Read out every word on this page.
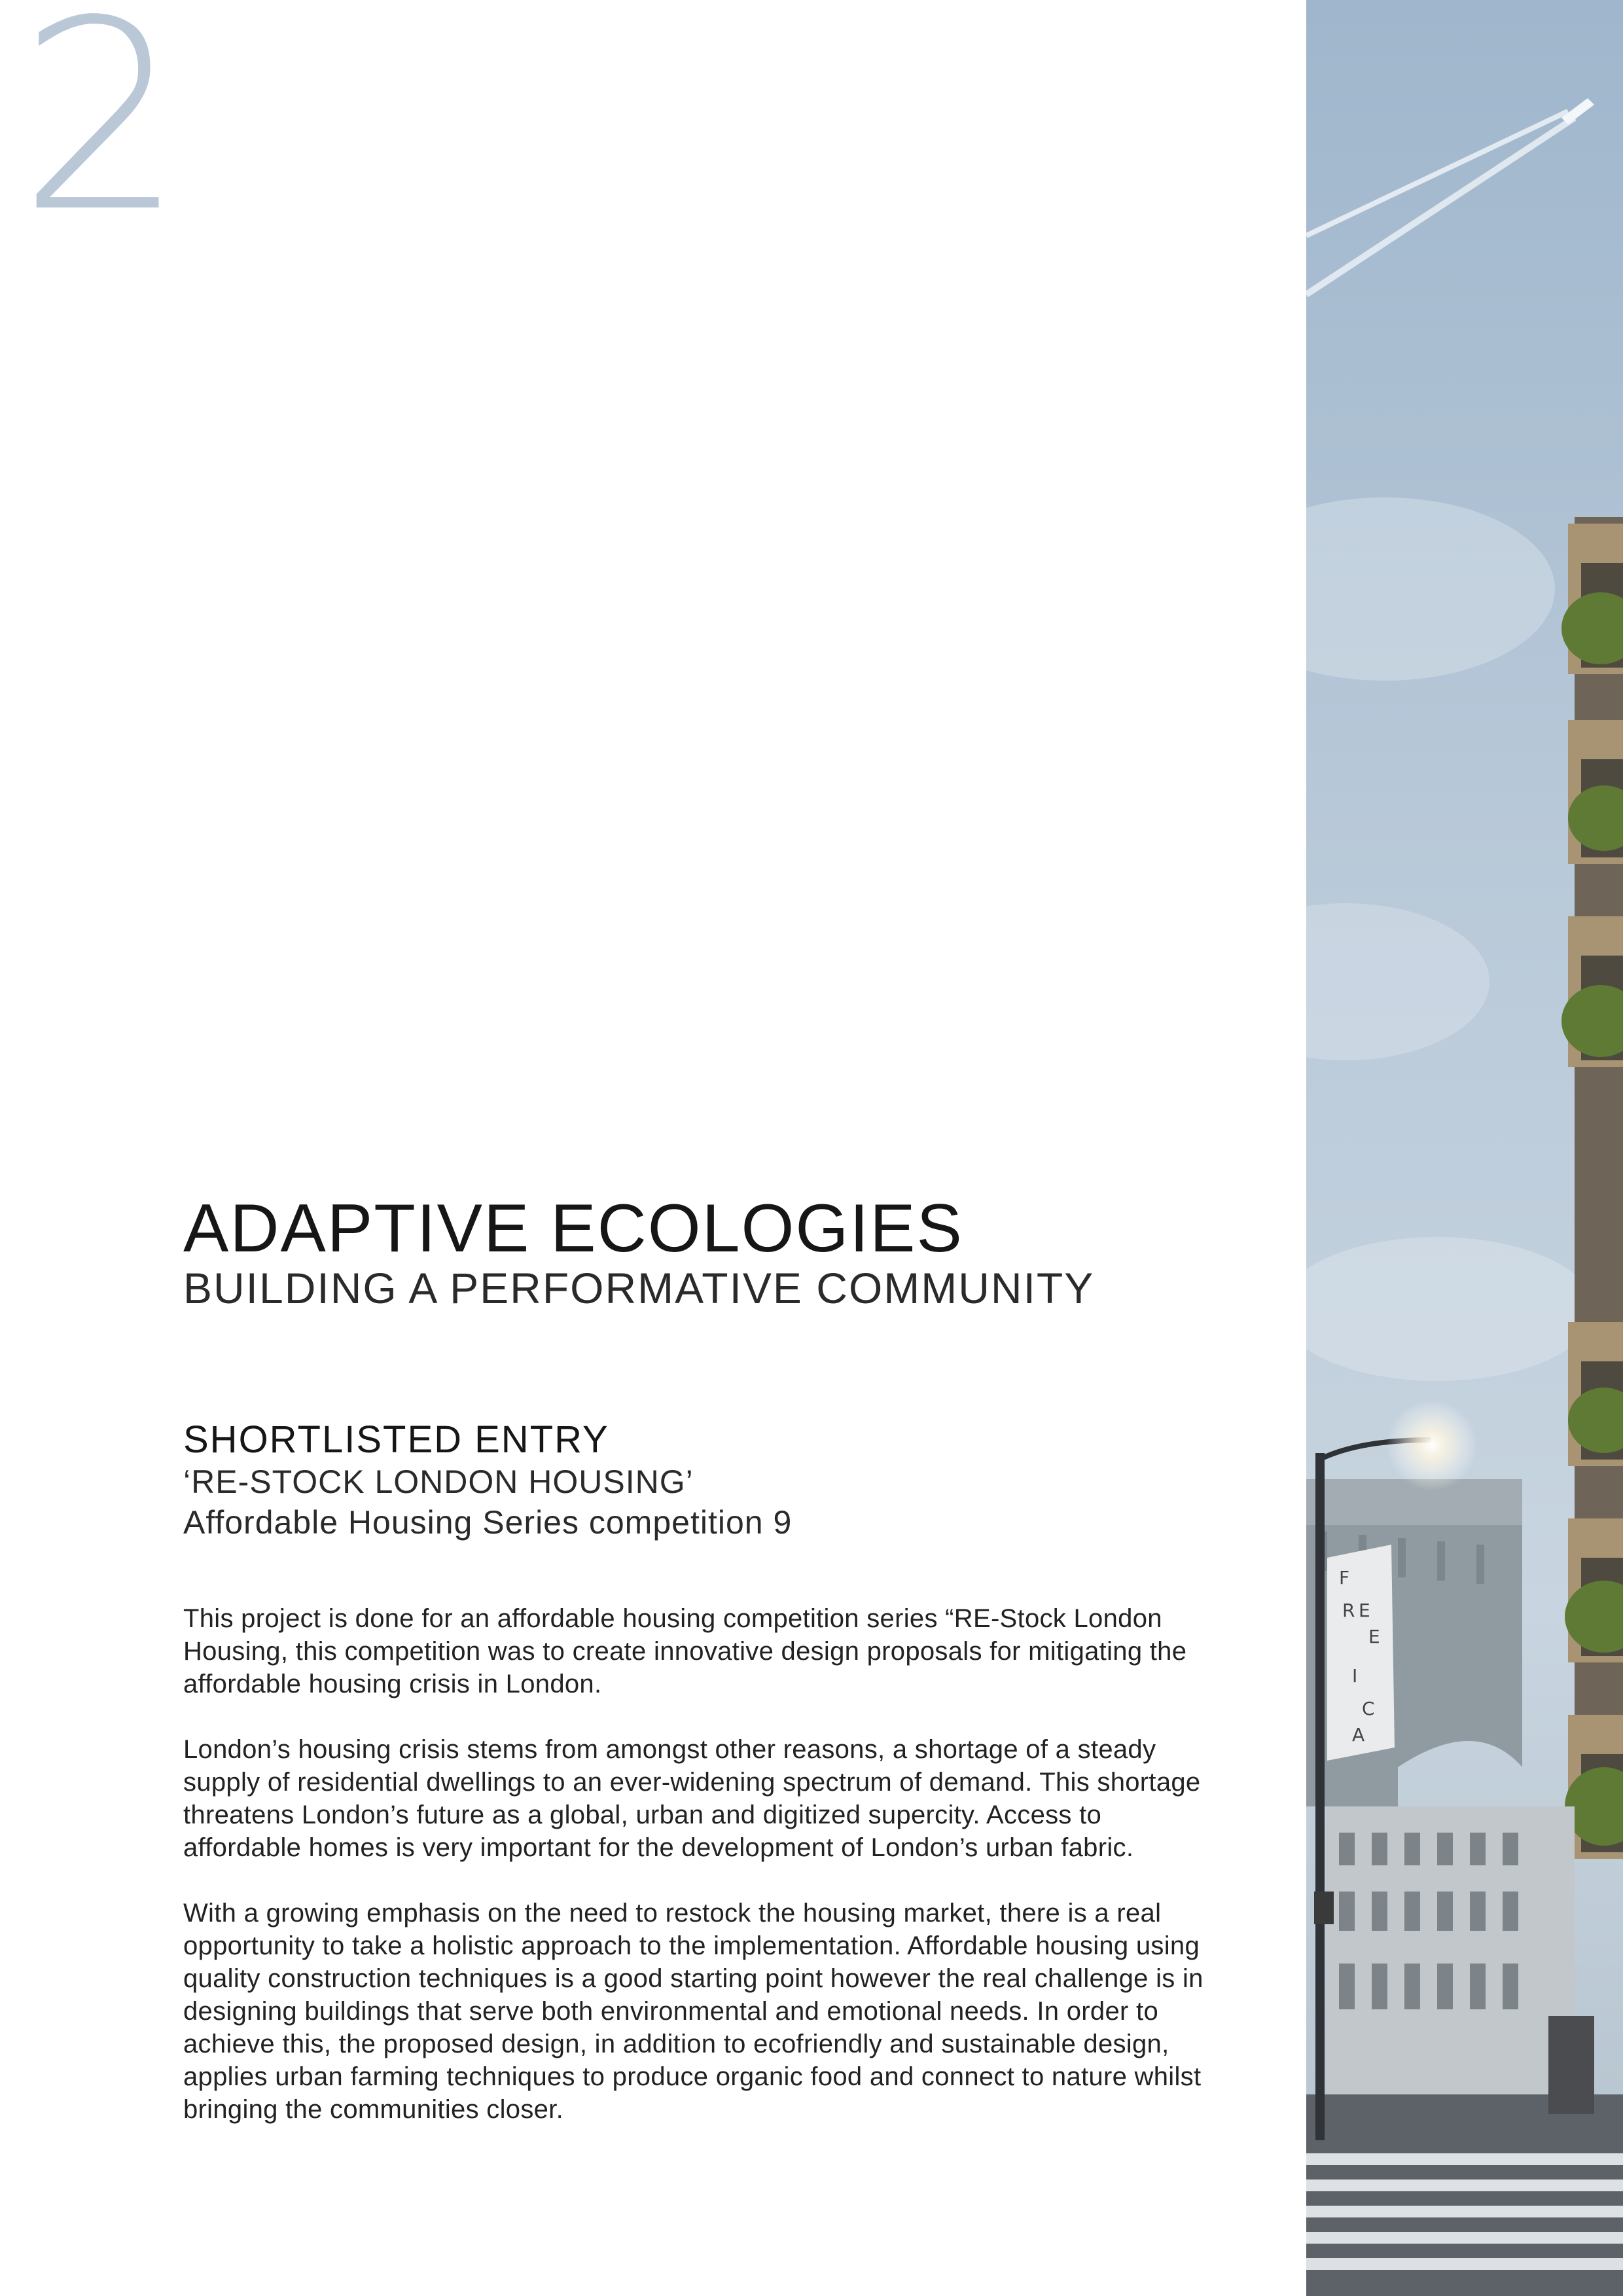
2
ADAPTIVE ECOLOGIES
BUILDING A PERFORMATIVE COMMUNITY

SHORTLISTED ENTRY

‘RE-STOCK LONDON HOUSING’

Affordable Housing Series competition 9

This project is done for an affordable housing competition series “RE-Stock London Housing, this competition was to create innovative design proposals for mitigating the affordable housing crisis in London.

London’s housing crisis stems from amongst other reasons, a shortage of a steady supply of residential dwellings to an ever-widening spectrum of demand. This shortage threatens London’s future as a global, urban and digitized supercity. Access to affordable homes is very important for the development of London’s urban fabric.

With a growing emphasis on the need to restock the housing market, there is a real opportunity to take a holistic approach to the implementation. Affordable housing using quality construction techniques is a good starting point however the real challenge is in designing buildings that serve both environmental and emotional needs. In order to achieve this, the proposed design, in addition to ecofriendly and sustainable design, applies urban farming techniques to produce organic food and connect to nature whilst bringing the communities closer.

F
R E
E
I
C
A
